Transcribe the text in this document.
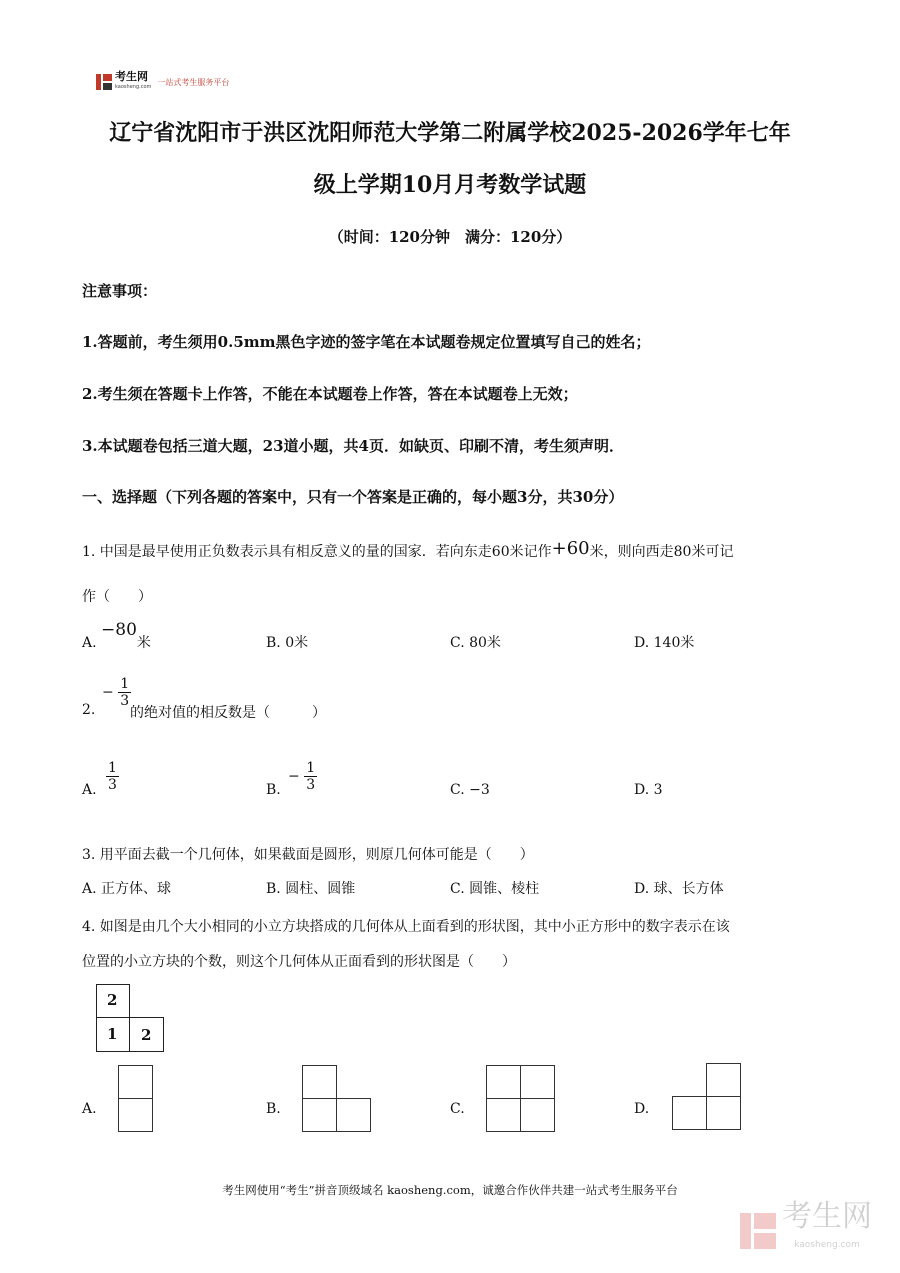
考生网
kaosheng.com
一站式考生服务平台
辽宁省沈阳市于洪区沈阳师范大学第二附属学校2025-2026学年七年
级上学期10月月考数学试题
（时间：120分钟　满分：120分）
注意事项：
1.答题前，考生须用0.5mm黑色字迹的签字笔在本试题卷规定位置填写自己的姓名；
2.考生须在答题卡上作答，不能在本试题卷上作答，答在本试题卷上无效；
3.本试题卷包括三道大题，23道小题，共4页．如缺页、印刷不清，考生须声明．
一、选择题（下列各题的答案中，只有一个答案是正确的，每小题3分，共30分）
1. 中国是最早使用正负数表示具有相反意义的量的国家．若向东走60米记作+60米，则向西走80米可记
作（　　）
A. −80米	B. 0米	C. 80米	D. 140米
2.
− $\frac{1}{3}$
的绝对值的相反数是（　　　）
A. $\frac{1}{3}$	B.
− $\frac{1}{3}$	C. −3	D. 3
3. 用平面去截一个几何体，如果截面是圆形，则原几何体可能是（　　）
A. 正方体、球	B. 圆柱、圆锥	C. 圆锥、棱柱	D. 球、长方体
4. 如图是由几个大小相同的小立方块搭成的几何体从上面看到的形状图，其中小正方形中的数字表示在该
位置的小立方块的个数，则这个几何体从正面看到的形状图是（　　）
2
1 2
A.	B.	C.	D.
考生网使用“考生”拼音顶级域名 kaosheng.com，诚邀合作伙伴共建一站式考生服务平台
考生网
kaosheng.com
